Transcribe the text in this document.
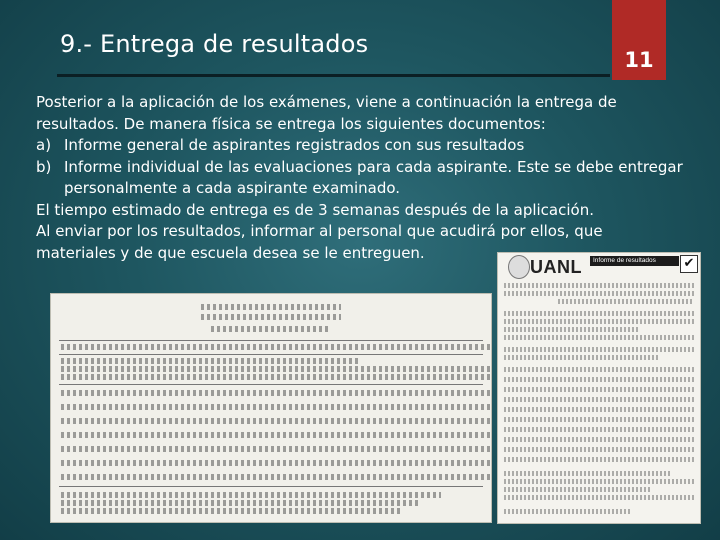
9.- Entrega de resultados
11

Posterior a la aplicación de los exámenes, viene a continuación la entrega de resultados. De manera física se entrega los siguientes documentos:

a) Informe general de aspirantes registrados con sus resultados
b) Informe individual de las evaluaciones para cada aspirante. Este se debe entregar personalmente a cada aspirante examinado.

El tiempo estimado de entrega es de 3 semanas después de la aplicación.

Al enviar por los resultados, informar al personal que acudirá por ellos, que materiales y de que escuela desea se le entreguen.

UANL	Informe de resultados	✔
